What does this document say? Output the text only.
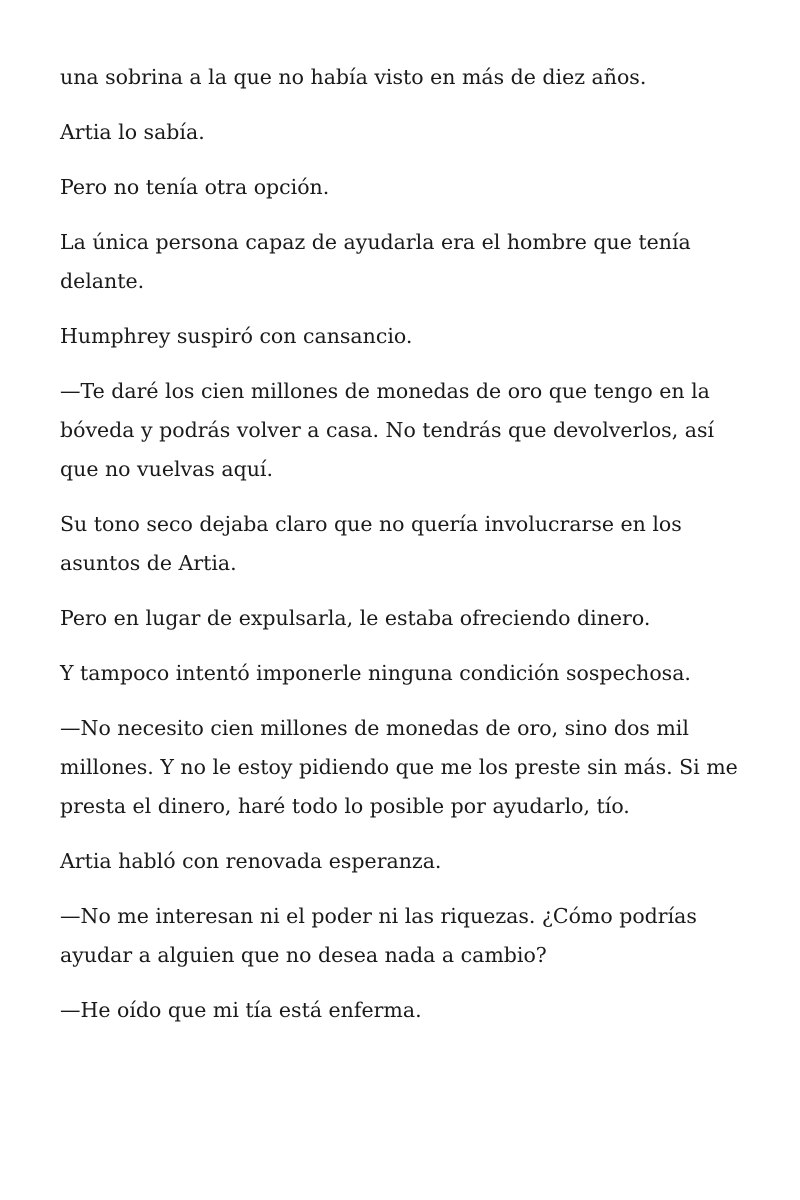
una sobrina a la que no había visto en más de diez años.

Artia lo sabía.

Pero no tenía otra opción.

La única persona capaz de ayudarla era el hombre que tenía delante.

Humphrey suspiró con cansancio.

—Te daré los cien millones de monedas de oro que tengo en la bóveda y podrás volver a casa. No tendrás que devolverlos, así que no vuelvas aquí.

Su tono seco dejaba claro que no quería involucrarse en los asuntos de Artia.

Pero en lugar de expulsarla, le estaba ofreciendo dinero.

Y tampoco intentó imponerle ninguna condición sospechosa.

—No necesito cien millones de monedas de oro, sino dos mil millones. Y no le estoy pidiendo que me los preste sin más. Si me presta el dinero, haré todo lo posible por ayudarlo, tío.

Artia habló con renovada esperanza.

—No me interesan ni el poder ni las riquezas. ¿Cómo podrías ayudar a alguien que no desea nada a cambio?

—He oído que mi tía está enferma.
